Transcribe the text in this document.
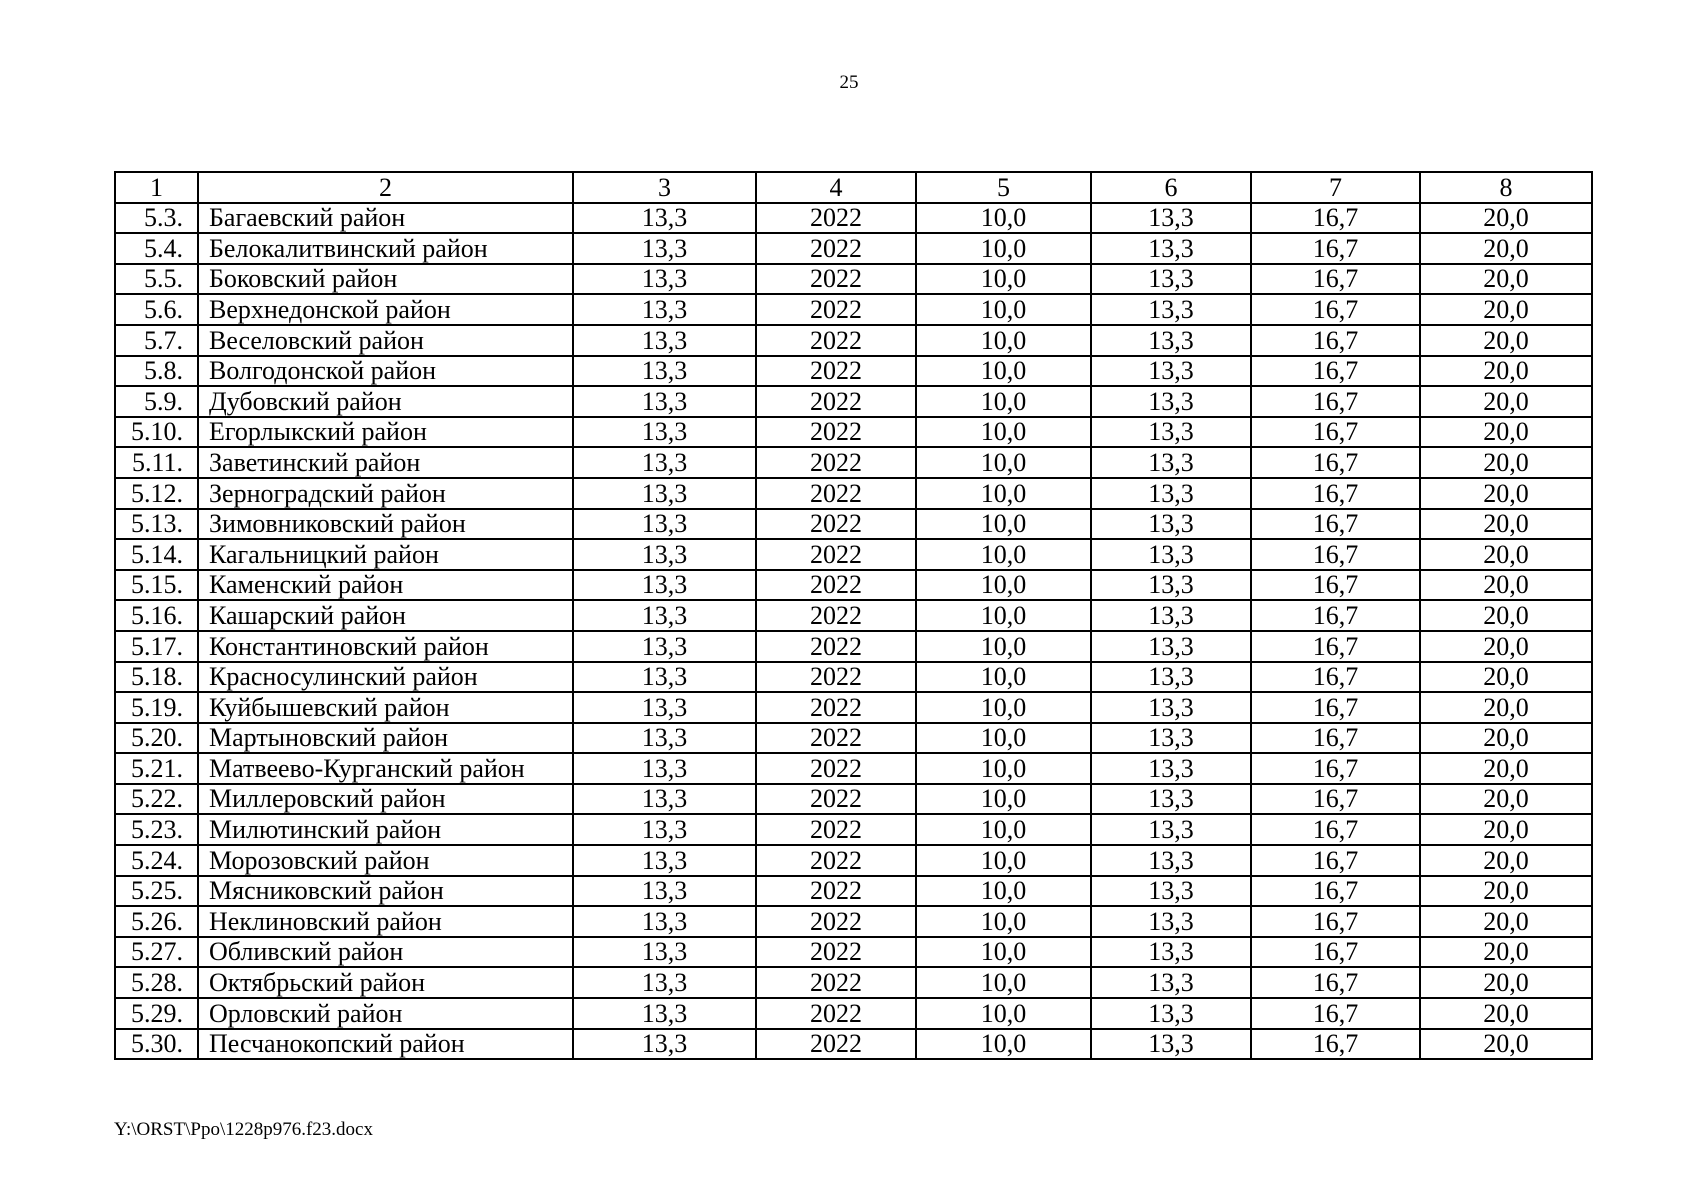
25
1	2	3	4	5	6	7	8
5.3.	Багаевский район	13,3	2022	10,0	13,3	16,7	20,0
5.4.	Белокалитвинский район	13,3	2022	10,0	13,3	16,7	20,0
5.5.	Боковский район	13,3	2022	10,0	13,3	16,7	20,0
5.6.	Верхнедонской район	13,3	2022	10,0	13,3	16,7	20,0
5.7.	Веселовский район	13,3	2022	10,0	13,3	16,7	20,0
5.8.	Волгодонской район	13,3	2022	10,0	13,3	16,7	20,0
5.9.	Дубовский район	13,3	2022	10,0	13,3	16,7	20,0
5.10.	Егорлыкский район	13,3	2022	10,0	13,3	16,7	20,0
5.11.	Заветинский район	13,3	2022	10,0	13,3	16,7	20,0
5.12.	Зерноградский район	13,3	2022	10,0	13,3	16,7	20,0
5.13.	Зимовниковский район	13,3	2022	10,0	13,3	16,7	20,0
5.14.	Кагальницкий район	13,3	2022	10,0	13,3	16,7	20,0
5.15.	Каменский район	13,3	2022	10,0	13,3	16,7	20,0
5.16.	Кашарский район	13,3	2022	10,0	13,3	16,7	20,0
5.17.	Константиновский район	13,3	2022	10,0	13,3	16,7	20,0
5.18.	Красносулинский район	13,3	2022	10,0	13,3	16,7	20,0
5.19.	Куйбышевский район	13,3	2022	10,0	13,3	16,7	20,0
5.20.	Мартыновский район	13,3	2022	10,0	13,3	16,7	20,0
5.21.	Матвеево-Курганский район	13,3	2022	10,0	13,3	16,7	20,0
5.22.	Миллеровский район	13,3	2022	10,0	13,3	16,7	20,0
5.23.	Милютинский район	13,3	2022	10,0	13,3	16,7	20,0
5.24.	Морозовский район	13,3	2022	10,0	13,3	16,7	20,0
5.25.	Мясниковский район	13,3	2022	10,0	13,3	16,7	20,0
5.26.	Неклиновский район	13,3	2022	10,0	13,3	16,7	20,0
5.27.	Обливский район	13,3	2022	10,0	13,3	16,7	20,0
5.28.	Октябрьский район	13,3	2022	10,0	13,3	16,7	20,0
5.29.	Орловский район	13,3	2022	10,0	13,3	16,7	20,0
5.30.	Песчанокопский район	13,3	2022	10,0	13,3	16,7	20,0
Y:\ORST\Ppo\1228p976.f23.docx
